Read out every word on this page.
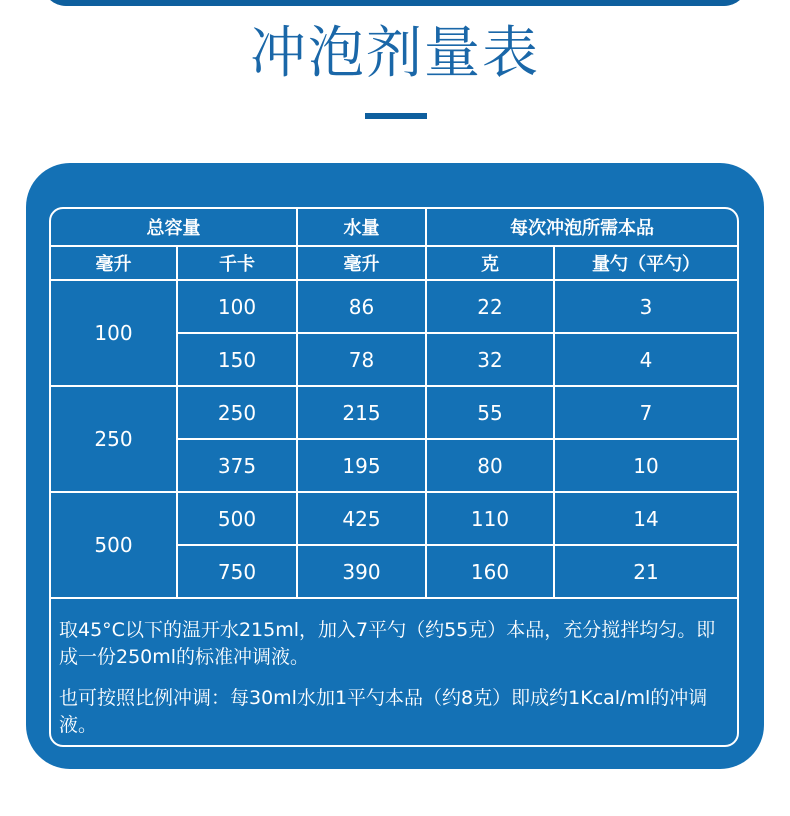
冲泡剂量表
总容量		水量	每次冲泡所需本品	
毫升	千卡	毫升	克	量勺（平勺）
100	100	86	22	3
	150	78	32	4
250	250	215	55	7
	375	195	80	10
500	500	425	110	14
	750	390	160	21

取45°C以下的温开水215ml，加入7平勺（约55克）本品，充分搅拌均匀。即成一份250ml的标准冲调液。

也可按照比例冲调：每30ml水加1平勺本品（约8克）即成约1Kcal/ml的冲调液。
